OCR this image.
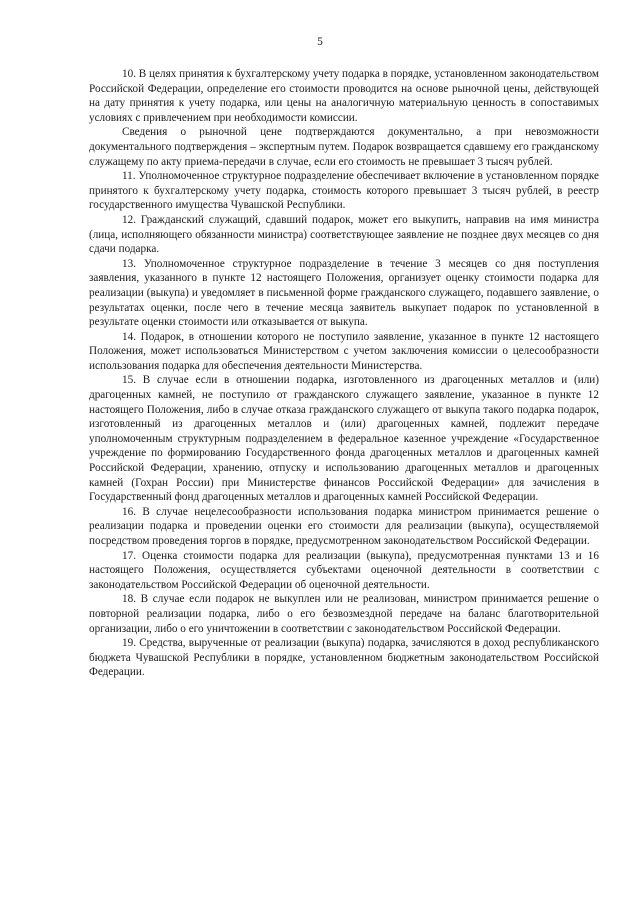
5

10. В целях принятия к бухгалтерскому учету подарка в порядке, установленном законодательством Российской Федерации, определение его стоимости проводится на основе рыночной цены, действующей на дату принятия к учету подарка, или цены на аналогичную материальную ценность в сопоставимых условиях с привлечением при необходимости комиссии.

Сведения о рыночной цене подтверждаются документально, а при невозможности документального подтверждения – экспертным путем. Подарок возвращается сдавшему его гражданскому служащему по акту приема-передачи в случае, если его стоимость не превышает 3 тысяч рублей.

11. Уполномоченное структурное подразделение обеспечивает включение в установленном порядке принятого к бухгалтерскому учету подарка, стоимость которого превышает 3 тысяч рублей, в реестр государственного имущества Чувашской Республики.

12. Гражданский служащий, сдавший подарок, может его выкупить, направив на имя министра (лица, исполняющего обязанности министра) соответствующее заявление не позднее двух месяцев со дня сдачи подарка.

13. Уполномоченное структурное подразделение в течение 3 месяцев со дня поступления заявления, указанного в пункте 12 настоящего Положения, организует оценку стоимости подарка для реализации (выкупа) и уведомляет в письменной форме гражданского служащего, подавшего заявление, о результатах оценки, после чего в течение месяца заявитель выкупает подарок по установленной в результате оценки стоимости или отказывается от выкупа.

14. Подарок, в отношении которого не поступило заявление, указанное в пункте 12 настоящего Положения, может использоваться Министерством с учетом заключения комиссии о целесообразности использования подарка для обеспечения деятельности Министерства.

15. В случае если в отношении подарка, изготовленного из драгоценных металлов и (или) драгоценных камней, не поступило от гражданского служащего заявление, указанное в пункте 12 настоящего Положения, либо в случае отказа гражданского служащего от выкупа такого подарка подарок, изготовленный из драгоценных металлов и (или) драгоценных камней, подлежит передаче уполномоченным структурным подразделением в федеральное казенное учреждение «Государственное учреждение по формированию Государственного фонда драгоценных металлов и драгоценных камней Российской Федерации, хранению, отпуску и использованию драгоценных металлов и драгоценных камней (Гохран России) при Министерстве финансов Российской Федерации» для зачисления в Государственный фонд драгоценных металлов и драгоценных камней Российской Федерации.

16. В случае нецелесообразности использования подарка министром принимается решение о реализации подарка и проведении оценки его стоимости для реализации (выкупа), осуществляемой посредством проведения торгов в порядке, предусмотренном законодательством Российской Федерации.

17. Оценка стоимости подарка для реализации (выкупа), предусмотренная пунктами 13 и 16 настоящего Положения, осуществляется субъектами оценочной деятельности в соответствии с законодательством Российской Федерации об оценочной деятельности.

18. В случае если подарок не выкуплен или не реализован, министром принимается решение о повторной реализации подарка, либо о его безвозмездной передаче на баланс благотворительной организации, либо о его уничтожении в соответствии с законодательством Российской Федерации.

19. Средства, вырученные от реализации (выкупа) подарка, зачисляются в доход республиканского бюджета Чувашской Республики в порядке, установленном бюджетным законодательством Российской Федерации.
